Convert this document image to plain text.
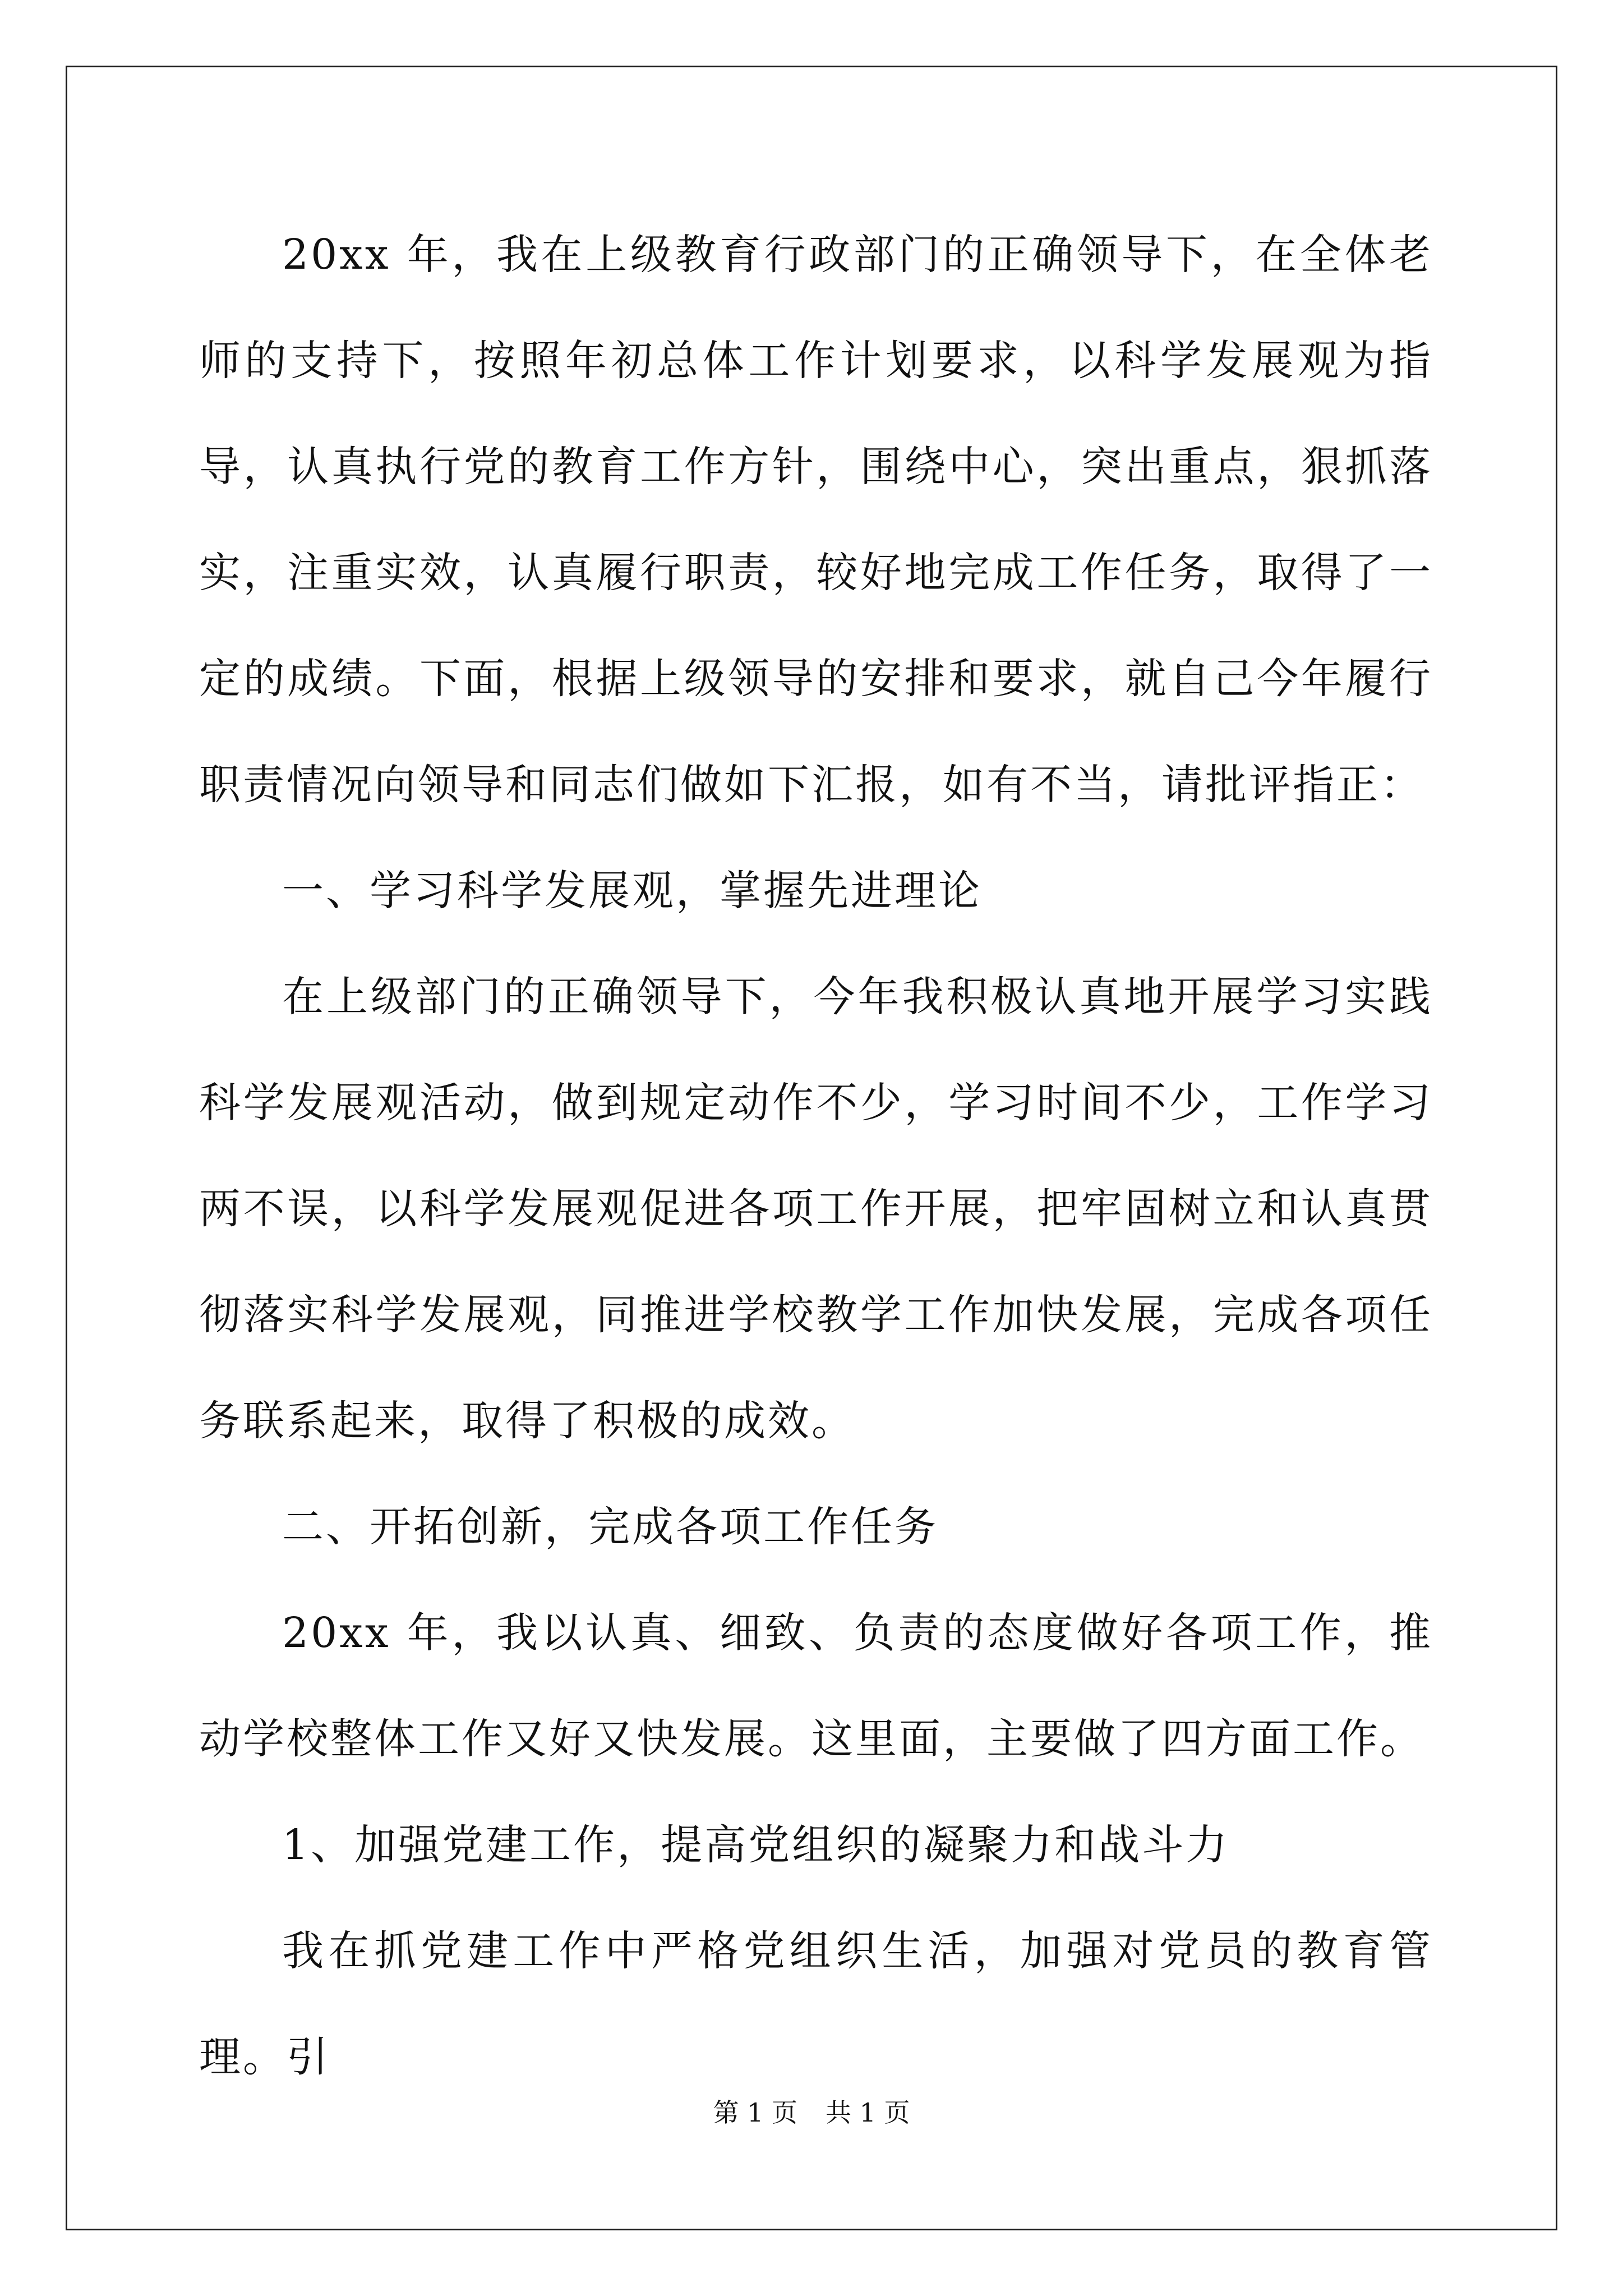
20xx 年，我在上级教育行政部门的正确领导下，在全体老师的支持下，按照年初总体工作计划要求，以科学发展观为指导，认真执行党的教育工作方针，围绕中心，突出重点，狠抓落实，注重实效，认真履行职责，较好地完成工作任务，取得了一定的成绩。下面，根据上级领导的安排和要求，就自己今年履行职责情况向领导和同志们做如下汇报，如有不当，请批评指正：

一、学习科学发展观，掌握先进理论

在上级部门的正确领导下，今年我积极认真地开展学习实践科学发展观活动，做到规定动作不少，学习时间不少，工作学习两不误，以科学发展观促进各项工作开展，把牢固树立和认真贯彻落实科学发展观，同推进学校教学工作加快发展，完成各项任务联系起来，取得了积极的成效。

二、开拓创新，完成各项工作任务

20xx 年，我以认真、细致、负责的态度做好各项工作，推动学校整体工作又好又快发展。这里面，主要做了四方面工作。

1、加强党建工作，提高党组织的凝聚力和战斗力

我在抓党建工作中严格党组织生活，加强对党员的教育管理。引

第 1 页 共 1 页
